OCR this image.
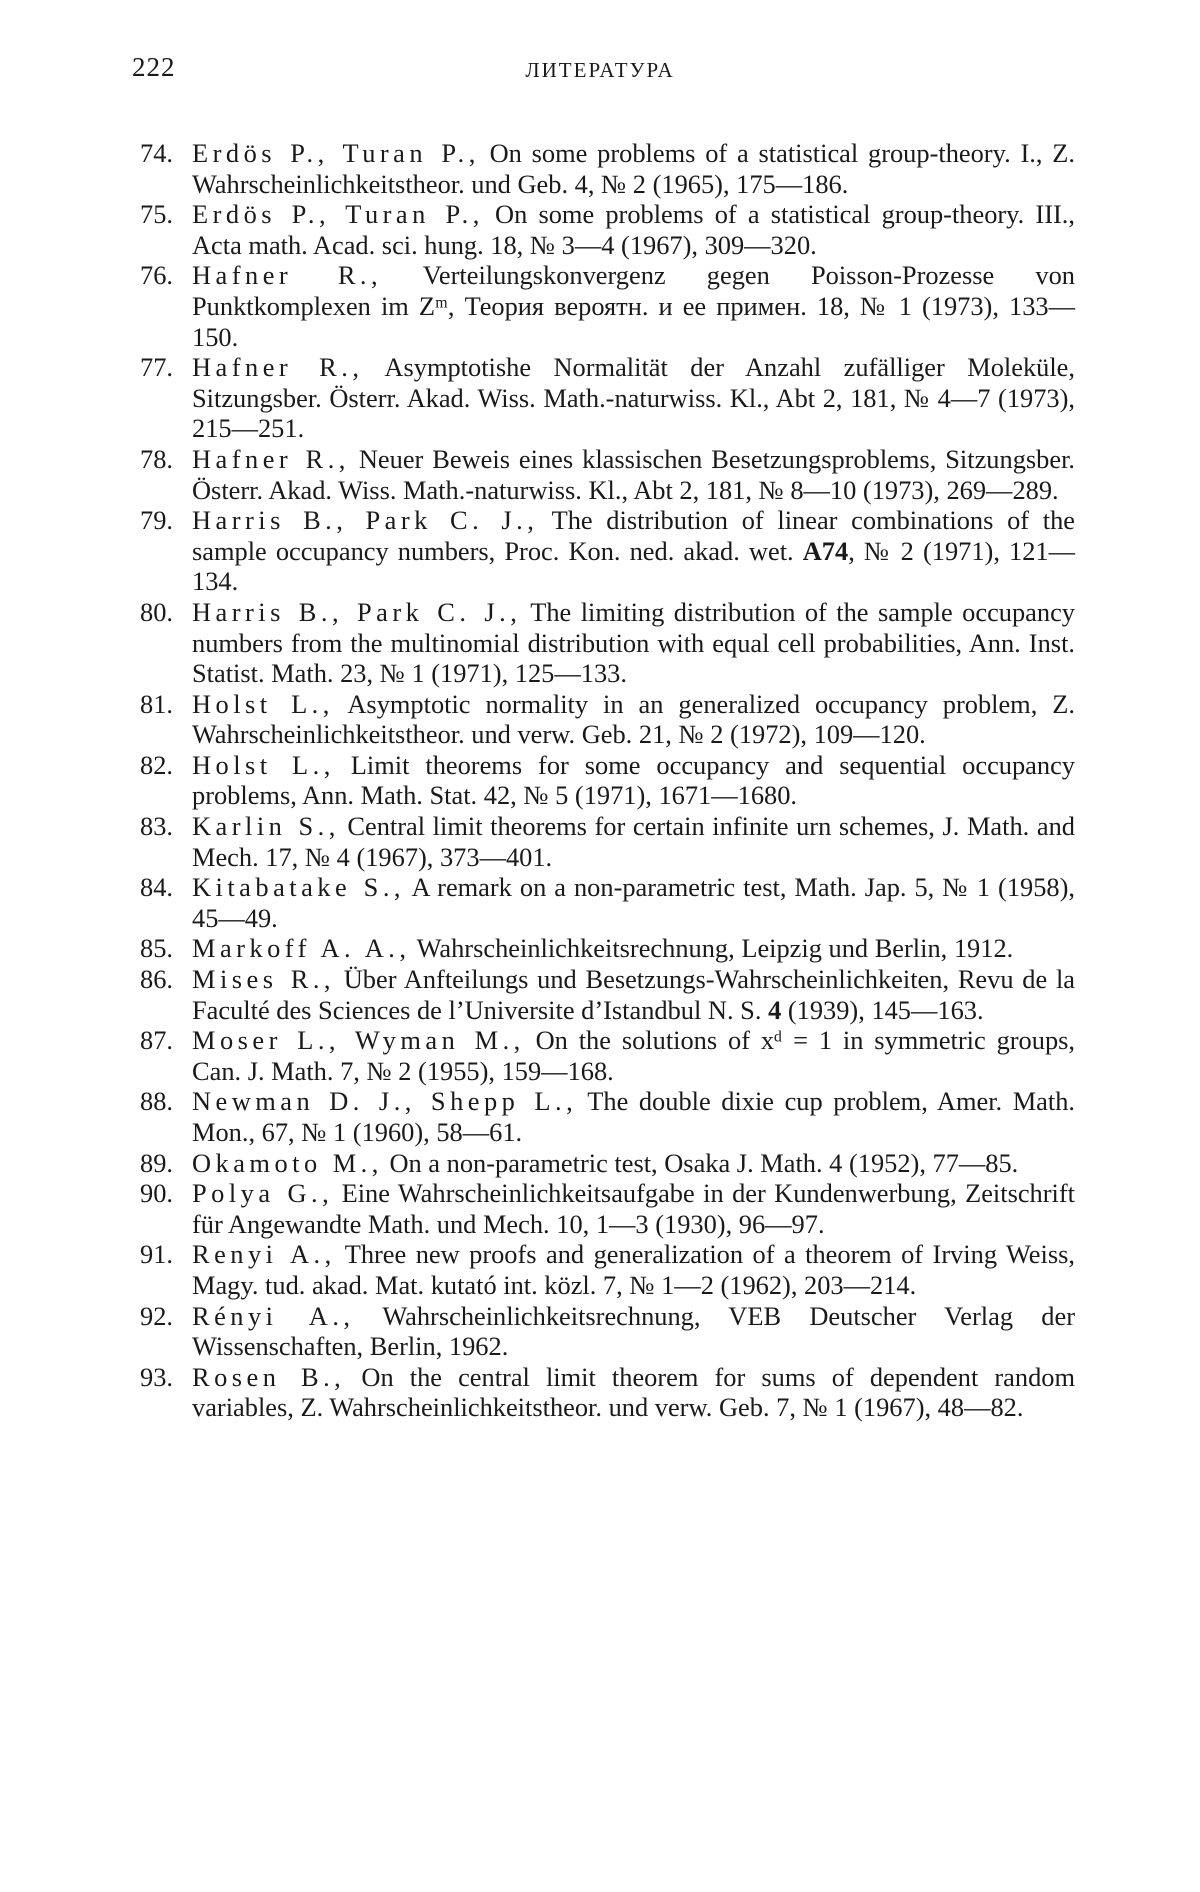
222	ЛИТЕРАТУРА
74. Erdös P., Turan P., On some problems of a statistical group-theory. I., Z. Wahrscheinlichkeitstheor. und Geb. 4, № 2 (1965), 175—186.
75. Erdös P., Turan P., On some problems of a statistical group-theory. III., Acta math. Acad. sci. hung. 18, № 3—4 (1967), 309—320.
76. Hafner R., Verteilungskonvergenz gegen Poisson-Prozesse von Punktkomplexen im Zᵐ, Теория вероятн. и ее примен. 18, № 1 (1973), 133—150.
77. Hafner R., Asymptotishe Normalität der Anzahl zufälliger Moleküle, Sitzungsber. Österr. Akad. Wiss. Math.-naturwiss. Kl., Abt 2, 181, № 4—7 (1973), 215—251.
78. Hafner R., Neuer Beweis eines klassischen Besetzungsproblems, Sitzungsber. Österr. Akad. Wiss. Math.-naturwiss. Kl., Abt 2, 181, № 8—10 (1973), 269—289.
79. Harris B., Park C. J., The distribution of linear combinations of the sample occupancy numbers, Proc. Kon. ned. akad. wet. A74, № 2 (1971), 121—134.
80. Harris B., Park C. J., The limiting distribution of the sample occupancy numbers from the multinomial distribution with equal cell probabilities, Ann. Inst. Statist. Math. 23, № 1 (1971), 125—133.
81. Holst L., Asymptotic normality in an generalized occupancy problem, Z. Wahrscheinlichkeitstheor. und verw. Geb. 21, № 2 (1972), 109—120.
82. Holst L., Limit theorems for some occupancy and sequential occupancy problems, Ann. Math. Stat. 42, № 5 (1971), 1671—1680.
83. Karlin S., Central limit theorems for certain infinite urn schemes, J. Math. and Mech. 17, № 4 (1967), 373—401.
84. Kitabatake S., A remark on a non-parametric test, Math. Jap. 5, № 1 (1958), 45—49.
85. Markoff A. A., Wahrscheinlichkeitsrechnung, Leipzig und Berlin, 1912.
86. Mises R., Über Anfteilungs und Besetzungs-Wahrscheinlichkeiten, Revu de la Faculté des Sciences de l’Universite d’Istandbul N. S. 4 (1939), 145—163.
87. Moser L., Wyman M., On the solutions of xᵈ = 1 in symmetric groups, Can. J. Math. 7, № 2 (1955), 159—168.
88. Newman D. J., Shepp L., The double dixie cup problem, Amer. Math. Mon., 67, № 1 (1960), 58—61.
89. Okamoto M., On a non-parametric test, Osaka J. Math. 4 (1952), 77—85.
90. Polya G., Eine Wahrscheinlichkeitsaufgabe in der Kundenwerbung, Zeitschrift für Angewandte Math. und Mech. 10, 1—3 (1930), 96—97.
91. Renyi A., Three new proofs and generalization of a theorem of Irving Weiss, Magy. tud. akad. Mat. kutató int. közl. 7, № 1—2 (1962), 203—214.
92. Rényi A., Wahrscheinlichkeitsrechnung, VEB Deutscher Verlag der Wissenschaften, Berlin, 1962.
93. Rosen B., On the central limit theorem for sums of dependent random variables, Z. Wahrscheinlichkeitstheor. und verw. Geb. 7, № 1 (1967), 48—82.
